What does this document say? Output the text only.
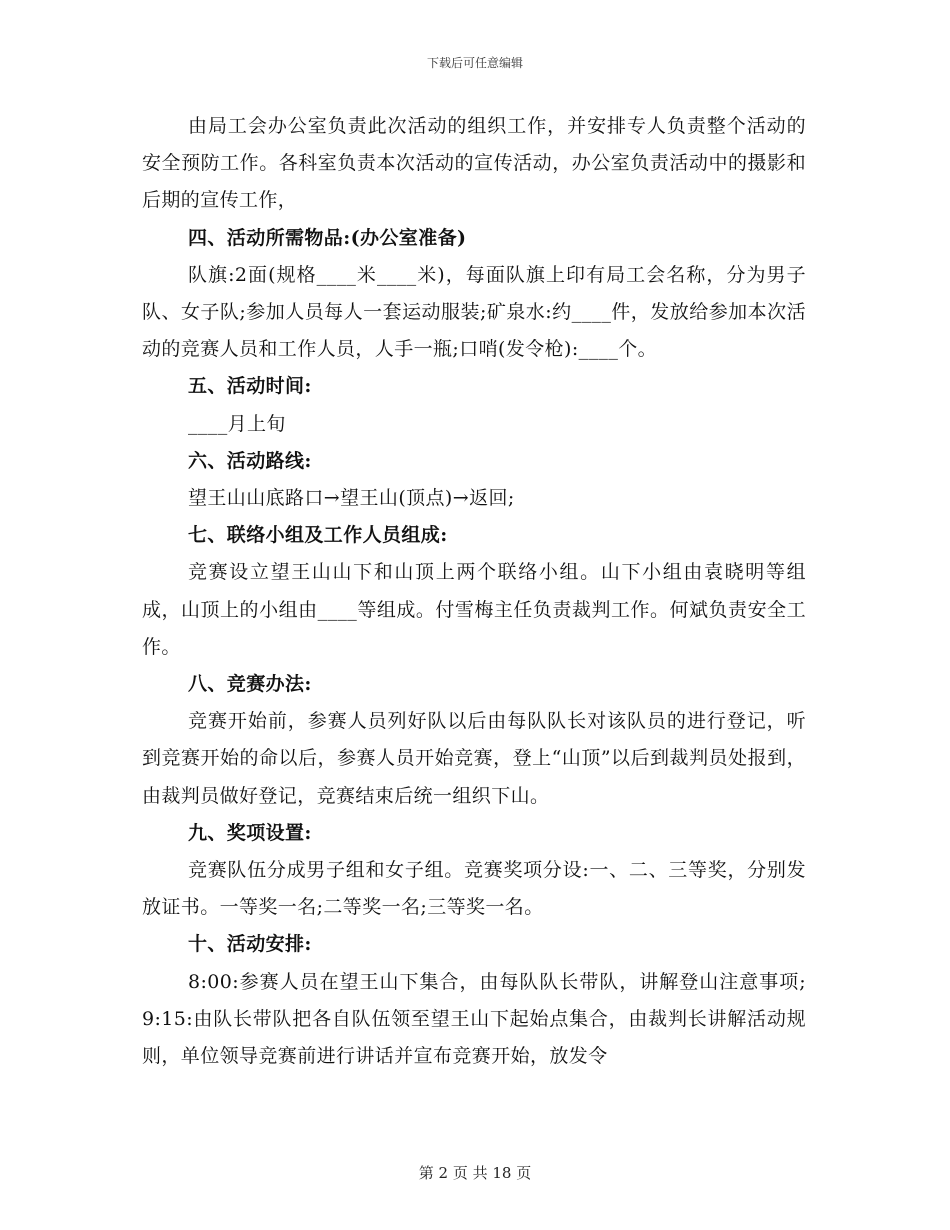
下载后可任意编辑

由局工会办公室负责此次活动的组织工作，并安排专人负责整个活动的安全预防工作。各科室负责本次活动的宣传活动，办公室负责活动中的摄影和后期的宣传工作，

四、活动所需物品:(办公室准备)

队旗:2面(规格____米____米)，每面队旗上印有局工会名称，分为男子队、女子队;参加人员每人一套运动服装;矿泉水:约____件，发放给参加本次活动的竞赛人员和工作人员，人手一瓶;口哨(发令枪):____个。

五、活动时间:

____月上旬

六、活动路线:

望王山山底路口→望王山(顶点)→返回;

七、联络小组及工作人员组成:

竞赛设立望王山山下和山顶上两个联络小组。山下小组由袁晓明等组成，山顶上的小组由____等组成。付雪梅主任负责裁判工作。何斌负责安全工作。

八、竞赛办法:

竞赛开始前，参赛人员列好队以后由每队队长对该队员的进行登记，听到竞赛开始的命以后，参赛人员开始竞赛，登上“山顶”以后到裁判员处报到，由裁判员做好登记，竞赛结束后统一组织下山。

九、奖项设置:

竞赛队伍分成男子组和女子组。竞赛奖项分设:一、二、三等奖，分别发放证书。一等奖一名;二等奖一名;三等奖一名。

十、活动安排:

8:00:参赛人员在望王山下集合，由每队队长带队，讲解登山注意事项;9:15:由队长带队把各自队伍领至望王山下起始点集合，由裁判长讲解活动规则，单位领导竞赛前进行讲话并宣布竞赛开始，放发令

第 2 页 共 18 页
